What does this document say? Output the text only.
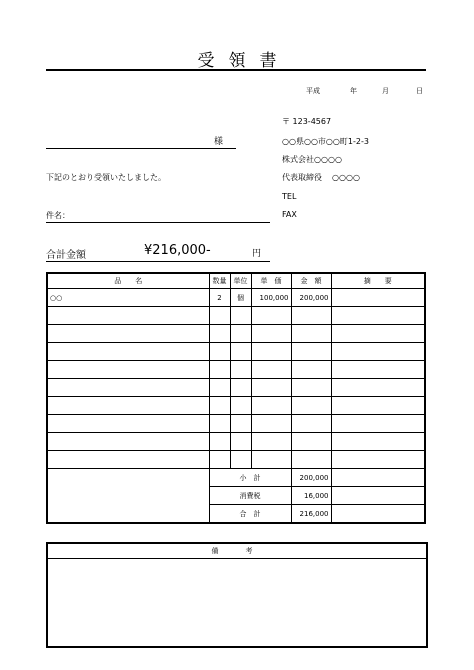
受領書
平成	年	月	日
様
〒 123-4567
○○県○○市○○町1-2-3
株式会社○○○○
代表取締役 ○○○○
TEL
FAX
下記のとおり受領いたしました。
件名：
合計金額	¥216,000-	円
品　　名	数量	単位	単　価	金　額	摘　　要
○○	2	個	100,000	200,000	

	小　計			200,000	
	消費税			16,000	
	合　計			216,000	
備　考
